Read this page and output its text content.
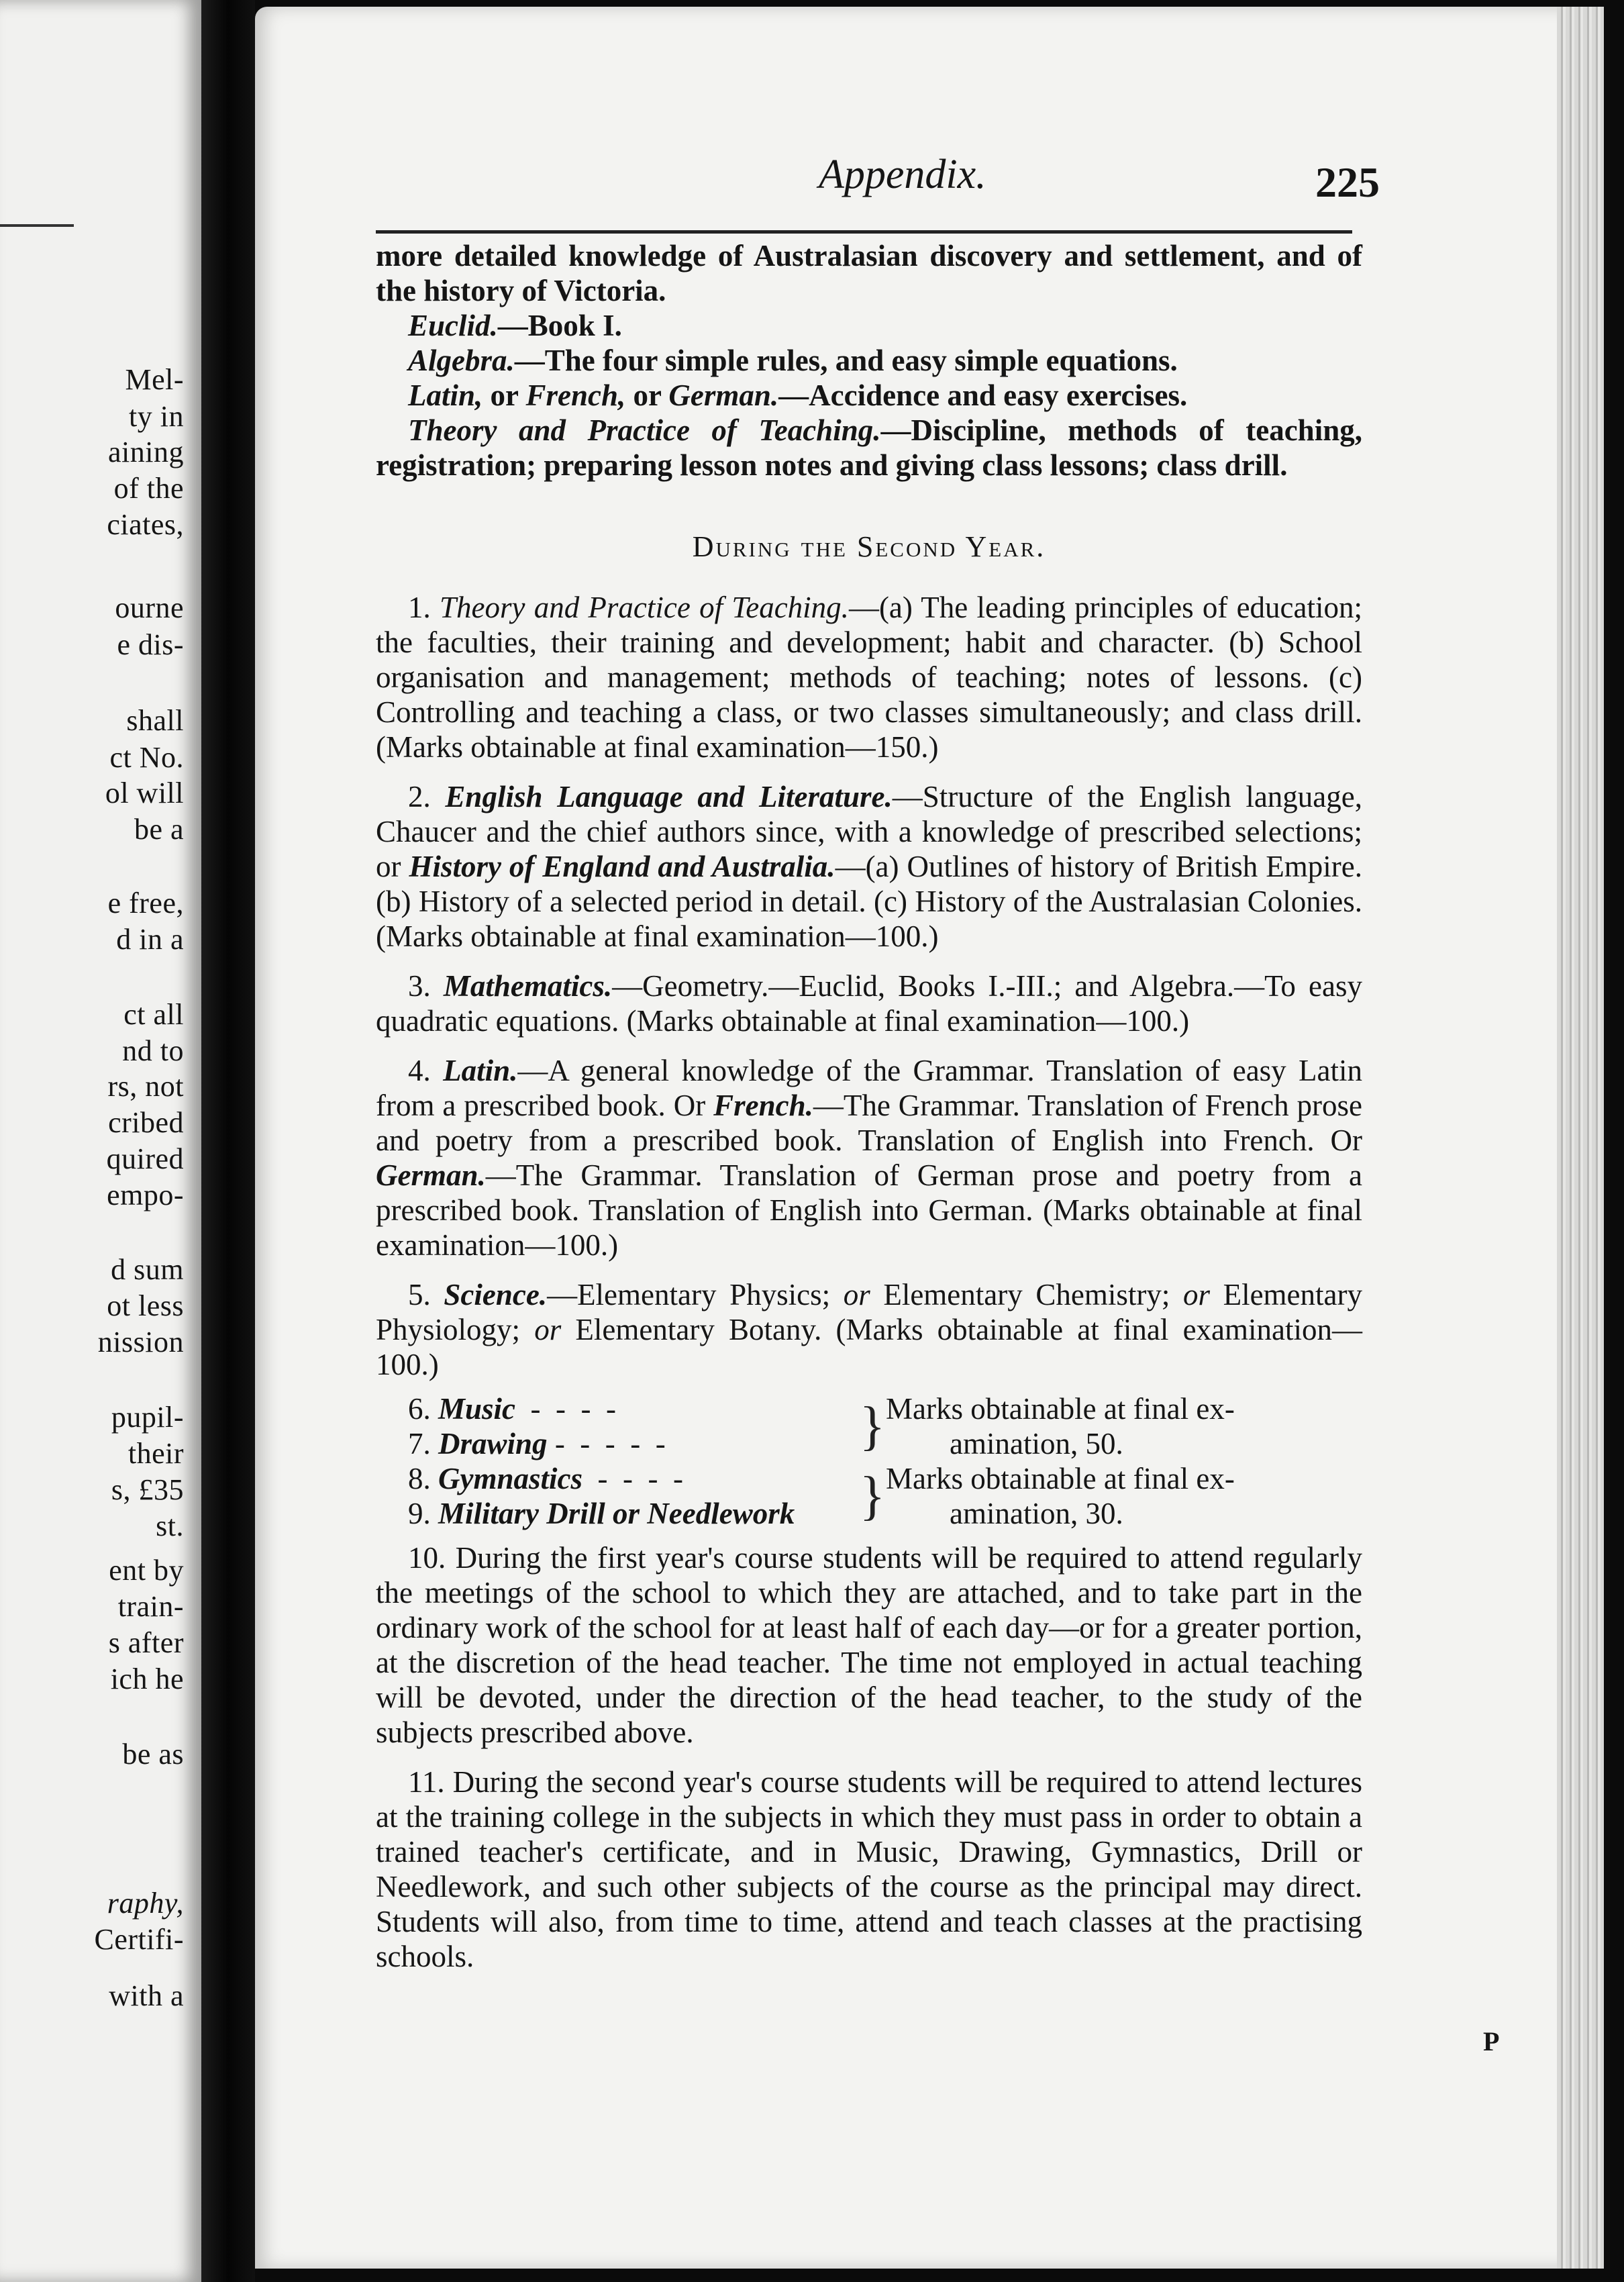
Mel-
ty in
aining
of the
ciates,
ourne
e dis-
shall
ct No.
ol will
be a
e free,
d in a
ct all
nd to
rs, not
cribed
quired
empo-
d sum
ot less
nission
pupil-
their
s, £35
st.
ent by
train-
s after
ich he
be as
raphy,
Certifi-
with a
Appendix.	225

more detailed knowledge of Australasian discovery and settlement, and of the history of Victoria.

Euclid.—Book I.

Algebra.—The four simple rules, and easy simple equations.

Latin, or French, or German.—Accidence and easy exercises.

Theory and Practice of Teaching.—Discipline, methods of teaching, registration; preparing lesson notes and giving class lessons; class drill.

During the Second Year.

1. Theory and Practice of Teaching.—(a) The leading principles of education; the faculties, their training and development; habit and character. (b) School organisation and management; methods of teaching; notes of lessons. (c) Controlling and teaching a class, or two classes simultaneously; and class drill. (Marks obtainable at final examination—150.)

2. English Language and Literature.—Structure of the English language, Chaucer and the chief authors since, with a knowledge of prescribed selections; or History of England and Australia.—(a) Outlines of history of British Empire. (b) History of a selected period in detail. (c) History of the Australasian Colonies. (Marks obtainable at final examination—100.)

3. Mathematics.—Geometry.—Euclid, Books I.-III.; and Algebra.—To easy quadratic equations. (Marks obtainable at final examination—100.)

4. Latin.—A general knowledge of the Grammar. Translation of easy Latin from a prescribed book. Or French.—The Grammar. Translation of French prose and poetry from a prescribed book. Translation of English into French. Or German.—The Grammar. Translation of German prose and poetry from a prescribed book. Translation of English into German. (Marks obtainable at final examination—100.)

5. Science.—Elementary Physics; or Elementary Chemistry; or Elementary Physiology; or Elementary Botany. (Marks obtainable at final examination—100.)

6. Music  -  -  -  -
7. Drawing -  -  -  -  -
8. Gymnastics  -  -  -  -
9. Military Drill or Needlework
}
}
Marks obtainable at final ex-
amination, 50.
Marks obtainable at final ex-
amination, 30.

10. During the first year's course students will be required to attend regularly the meetings of the school to which they are attached, and to take part in the ordinary work of the school for at least half of each day—or for a greater portion, at the discretion of the head teacher. The time not employed in actual teaching will be devoted, under the direction of the head teacher, to the study of the subjects prescribed above.

11. During the second year's course students will be required to attend lectures at the training college in the subjects in which they must pass in order to obtain a trained teacher's certificate, and in Music, Drawing, Gymnastics, Drill or Needlework, and such other subjects of the course as the principal may direct. Students will also, from time to time, attend and teach classes at the practising schools.

P
